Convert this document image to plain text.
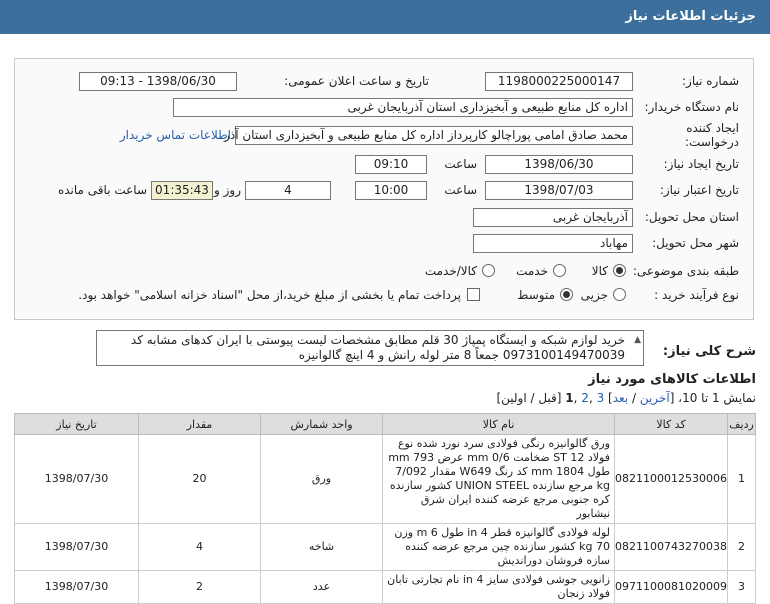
جزئیات اطلاعات نیاز
شماره نیاز:
1198000225000147
تاریخ و ساعت اعلان عمومی:
1398/06/30 - 09:13
نام دستگاه خریدار:
اداره کل منابع طبیعی و آبخیزداری استان آذربایجان غربی
ایجاد کننده
درخواست:
محمد صادق امامی پوراچالو کارپرداز اداره کل منابع طبیعی و آبخیزداری استان آذر
اطلاعات تماس خریدار
تاریخ ایجاد نیاز:
1398/06/30
ساعت
09:10
تاریخ اعتبار نیاز:
1398/07/03
ساعت
10:00
4
روز و
01:35:43
ساعت باقی مانده
استان محل تحویل:
آذربایجان غربی
شهر محل تحویل:
مهاباد
طبقه بندی موضوعی:
کالا
خدمت
کالا/خدمت
نوع فرآیند خرید :
جزیی
متوسط
پرداخت تمام یا بخشی از مبلغ خرید،از محل "اسناد خزانه اسلامی" خواهد بود.
شرح کلی نیاز:
▲
خرید لوازم شبکه و ایستگاه پمپاژ 30 قلم مطابق مشخصات لیست پیوستی با ایران کدهای مشابه کد 0973100149470039 جمعاً 8 متر لوله رانش و 4 اینچ گالوانیزه
اطلاعات کالاهای مورد نیاز
نمایش 1 تا 10، [آخرین / بعد] 3 ,2 ,1 [قبل / اولین]
ردیف	کد کالا	نام کالا	واحد شمارش	مقدار	تاریخ نیاز
1	0821100012530006	ورق گالوانیزه رنگی فولادی سرد نورد شده نوع فولاد ST 12 ضخامت 0/6 mm عرض 793 mm طول 1804 mm کد رنگ W649 مقدار 7/092 kg مرجع سازنده UNION STEEL کشور سازنده کره جنوبی مرجع عرضه کننده ایران شرق نیشابور	ورق	20	1398/07/30
2	0821100743270038	لوله فولادی گالوانیزه قطر 4 in طول 6 m وزن 70 kg کشور سازنده چین مرجع عرضه کننده سازه فروشان دورانديش	شاخه	4	1398/07/30
3	0971100081020009	زانویی جوشی فولادی سایز 4 in نام تجارتی تابان فولاد زنجان	عدد	2	1398/07/30
